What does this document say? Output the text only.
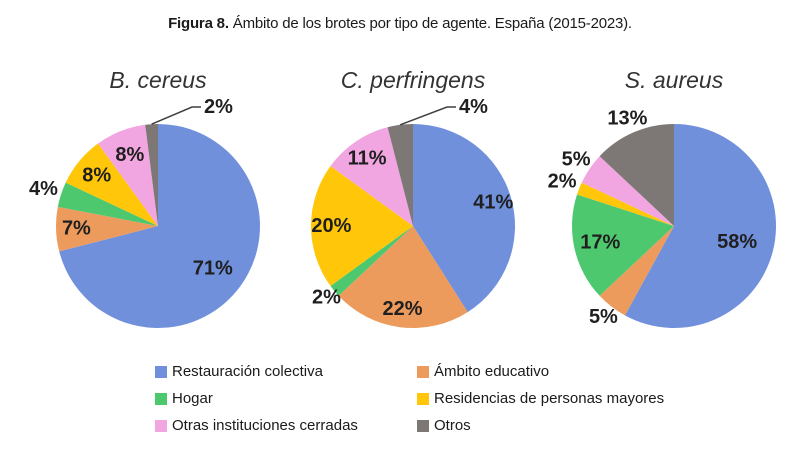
Figura 8. Ámbito de los brotes por tipo de agente. España (2015-2023).
B. cereus
71%
7%
4%
8%
8%
2%
C. perfringens
41%
22%
2%
20%
11%
4%
S. aureus
58%
5%
17%
2%
5%
13%
Restauración colectiva
Hogar
Otras instituciones cerradas
Ámbito educativo
Residencias de personas mayores
Otros
